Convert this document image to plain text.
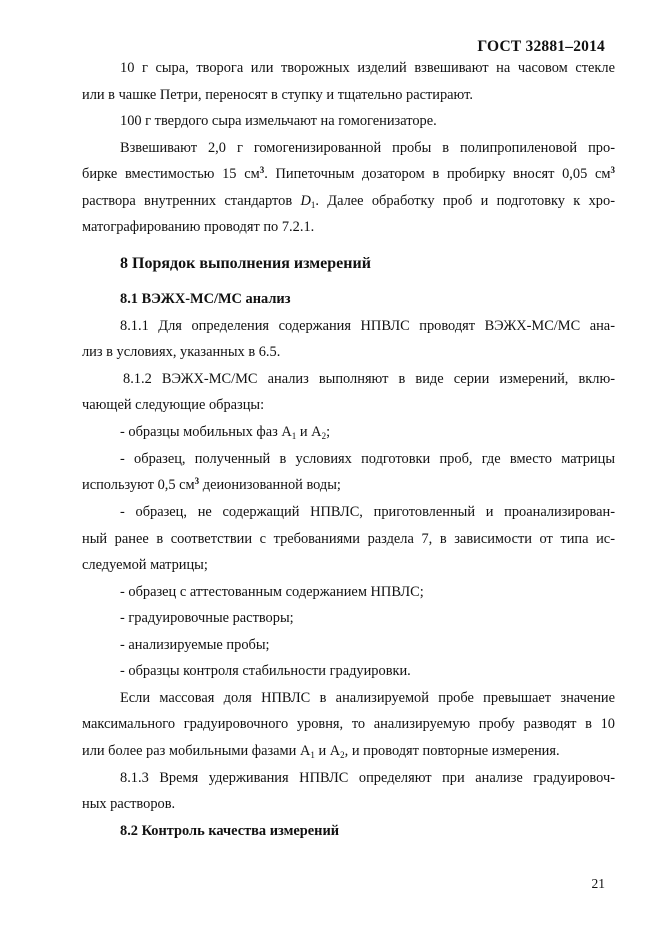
ГОСТ 32881–2014
10 г сыра, творога или творожных изделий взвешивают на часовом стекле
или в чашке Петри, переносят в ступку и тщательно растирают.
100 г твердого сыра измельчают на гомогенизаторе.
Взвешивают 2,0 г гомогенизированной пробы в полипропиленовой про-
бирке вместимостью 15 $см^3$. Пипеточным дозатором в пробирку вносят 0,05 $см^3$
раствора внутренних стандартов $D_1$. Далее обработку проб и подготовку к хро-
матографированию проводят по 7.2.1.
8 Порядок выполнения измерений
8.1 ВЭЖХ-МС/МС анализ
8.1.1 Для определения содержания НПВЛС проводят ВЭЖХ-МС/МС ана-
лиз в условиях, указанных в 6.5.
8.1.2 ВЭЖХ-МС/МС анализ выполняют в виде серии измерений, вклю-
чающей следующие образцы:
- образцы мобильных фаз $А_1$ и $А_2$;
- образец, полученный в условиях подготовки проб, где вместо матрицы
используют 0,5 $см^3$ деионизованной воды;
- образец, не содержащий НПВЛС, приготовленный и проанализирован-
ный ранее в соответствии с требованиями раздела 7, в зависимости от типа ис-
следуемой матрицы;
- образец с аттестованным содержанием НПВЛС;
- градуировочные растворы;
- анализируемые пробы;
- образцы контроля стабильности градуировки.
Если массовая доля НПВЛС в анализируемой пробе превышает значение
максимального градуировочного уровня, то анализируемую пробу разводят в 10
или более раз мобильными фазами $А_1$ и $А_2$, и проводят повторные измерения.
8.1.3 Время удерживания НПВЛС определяют при анализе градуировоч-
ных растворов.
8.2 Контроль качества измерений
21
